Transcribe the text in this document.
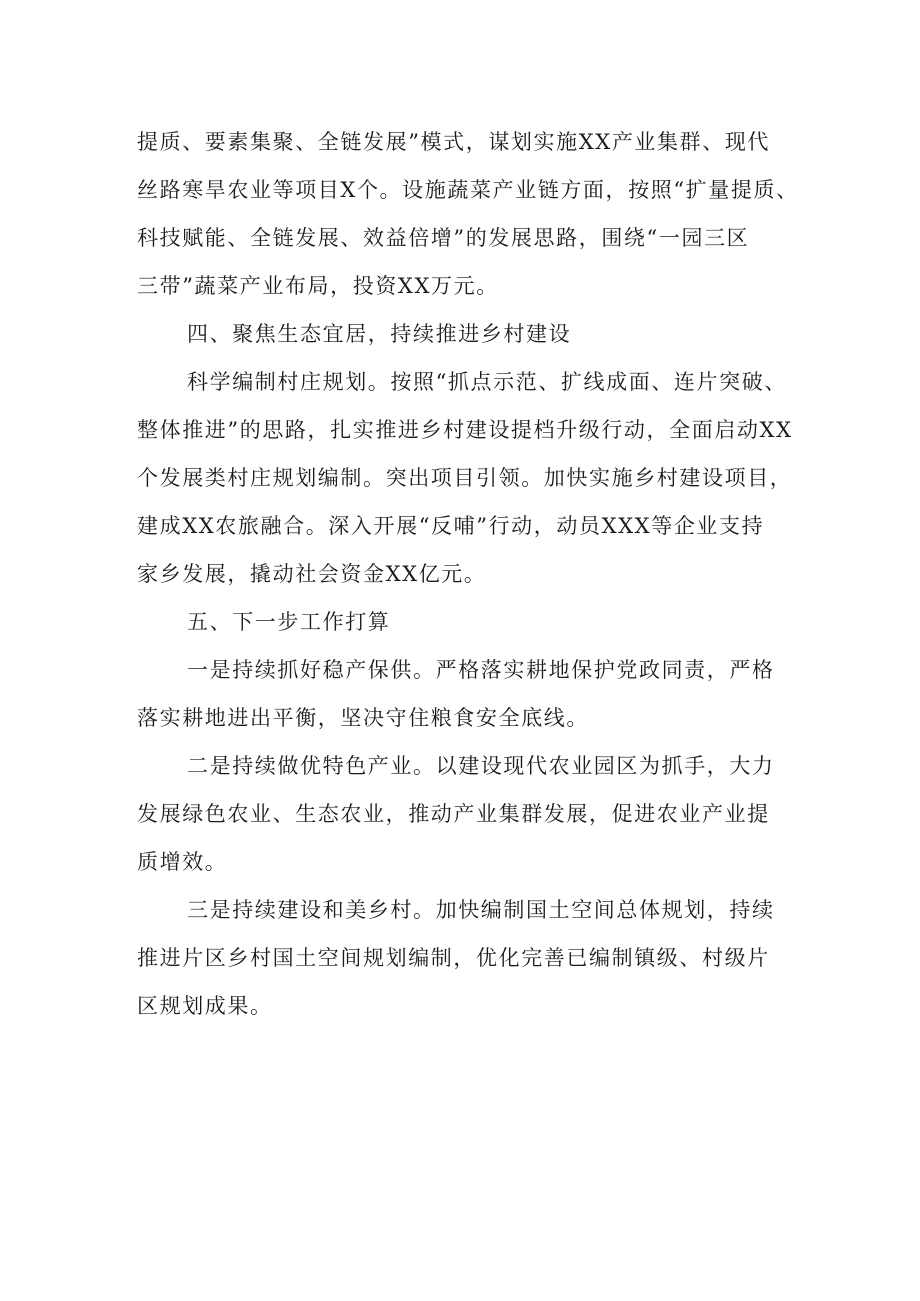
提质、要素集聚、全链发展”模式，谋划实施XX产业集群、现代
丝路寒旱农业等项目X个。设施蔬菜产业链方面，按照“扩量提质、
科技赋能、全链发展、效益倍增”的发展思路，围绕“一园三区
三带”蔬菜产业布局，投资XX万元。
四、聚焦生态宜居，持续推进乡村建设
科学编制村庄规划。按照“抓点示范、扩线成面、连片突破、
整体推进”的思路，扎实推进乡村建设提档升级行动，全面启动XX
个发展类村庄规划编制。突出项目引领。加快实施乡村建设项目，
建成XX农旅融合。深入开展“反哺”行动，动员XXX等企业支持
家乡发展，撬动社会资金XX亿元。
五、下一步工作打算
一是持续抓好稳产保供。严格落实耕地保护党政同责，严格
落实耕地进出平衡，坚决守住粮食安全底线。
二是持续做优特色产业。以建设现代农业园区为抓手，大力
发展绿色农业、生态农业，推动产业集群发展，促进农业产业提
质增效。
三是持续建设和美乡村。加快编制国土空间总体规划，持续
推进片区乡村国土空间规划编制，优化完善已编制镇级、村级片
区规划成果。
